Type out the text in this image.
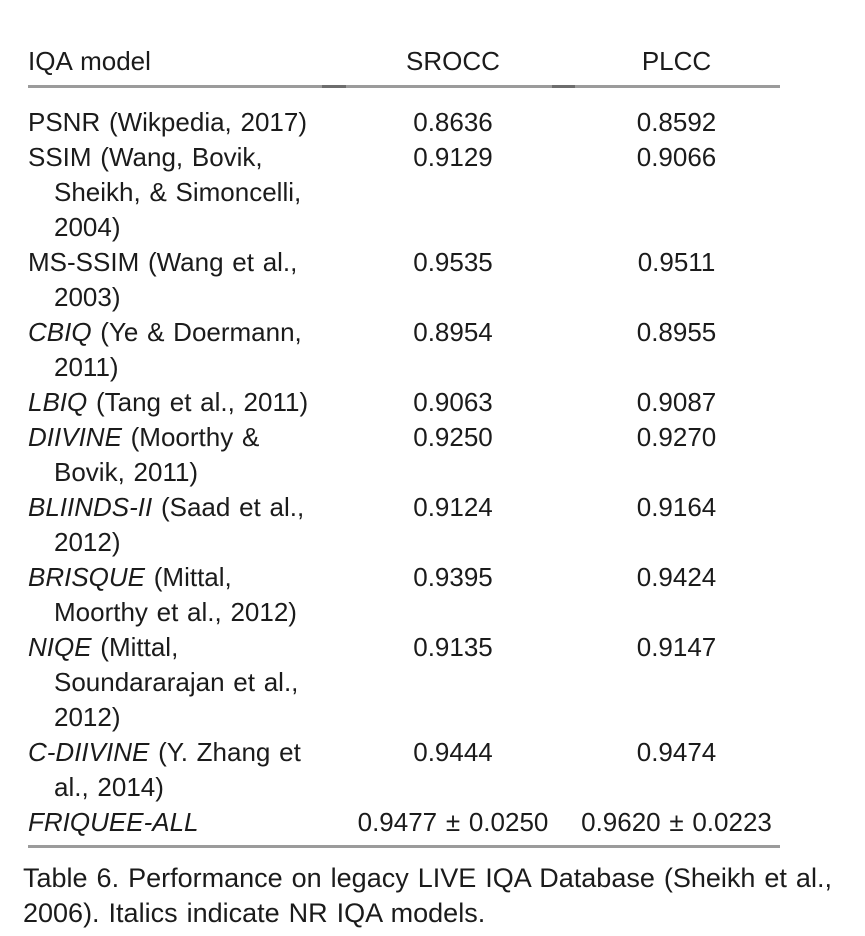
IQA model	SROCC	PLCC
PSNR (Wikpedia, 2017)	0.8636	0.8592
SSIM (Wang, Bovik,
Sheikh, & Simoncelli,
2004)
0.9129	0.9066
MS-SSIM (Wang et al.,
2003)
0.9535	0.9511
CBIQ (Ye & Doermann,
2011)
0.8954	0.8955
LBIQ (Tang et al., 2011)	0.9063	0.9087
DIIVINE (Moorthy &
Bovik, 2011)
0.9250	0.9270
BLIINDS-II (Saad et al.,
2012)
0.9124	0.9164
BRISQUE (Mittal,
Moorthy et al., 2012)
0.9395	0.9424
NIQE (Mittal,
Soundararajan et al.,
2012)
0.9135	0.9147
C-DIIVINE (Y. Zhang et
al., 2014)
0.9444	0.9474
FRIQUEE-ALL	0.9477 ± 0.0250	0.9620 ± 0.0223
Table 6. Performance on legacy LIVE IQA Database (Sheikh et al.,
2006). Italics indicate NR IQA models.
